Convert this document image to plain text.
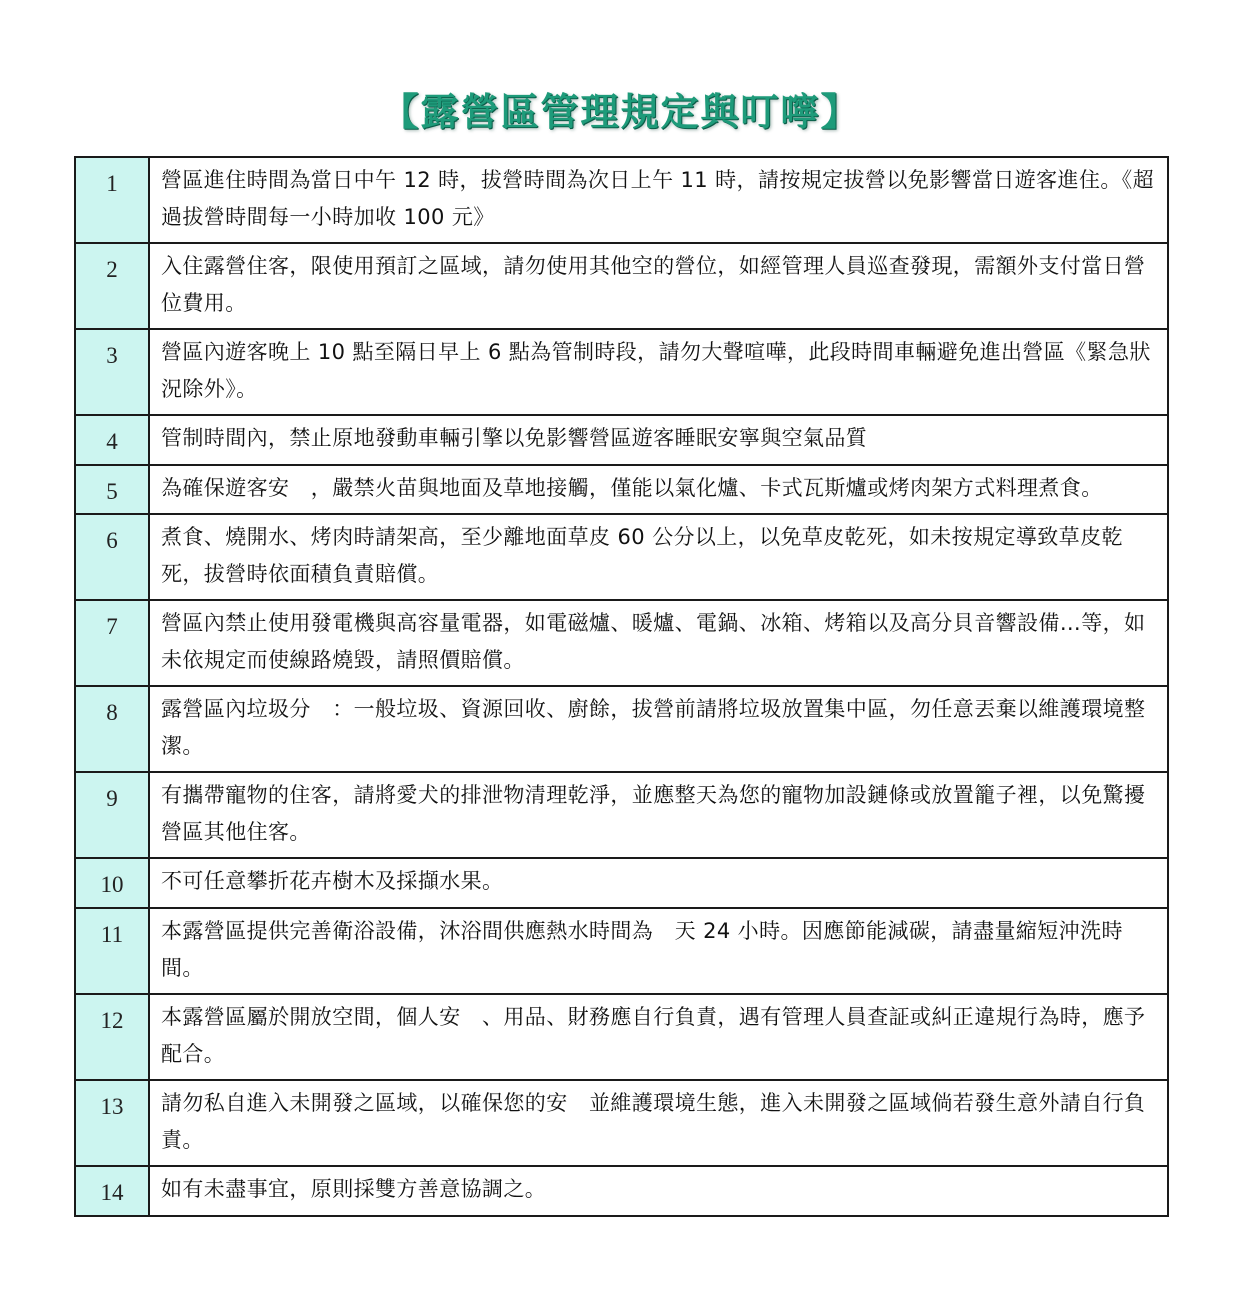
【露營區管理規定與叮嚀】
1	營區進住時間為當日中午 12 時，拔營時間為次日上午 11 時，請按規定拔營以免影響當日遊客進住。《超過拔營時間每一小時加收 100 元》
2	入住露營住客，限使用預訂之區域，請勿使用其他空的營位，如經管理人員巡查發現，需額外支付當日營位費用。
3	營區內遊客晚上 10 點至隔日早上 6 點為管制時段，請勿大聲喧嘩，此段時間車輛避免進出營區《緊急狀況除外》。
4	管制時間內，禁止原地發動車輛引擎以免影響營區遊客睡眠安寧與空氣品質
5	為確保遊客安　，嚴禁火苗與地面及草地接觸，僅能以氣化爐、卡式瓦斯爐或烤肉架方式料理煮食。
6	煮食、燒開水、烤肉時請架高，至少離地面草皮 60 公分以上，以免草皮乾死，如未按規定導致草皮乾死，拔營時依面積負責賠償。
7	營區內禁止使用發電機與高容量電器，如電磁爐、暖爐、電鍋、冰箱、烤箱以及高分貝音響設備…等，如未依規定而使線路燒毀，請照價賠償。
8	露營區內垃圾分　：一般垃圾、資源回收、廚餘，拔營前請將垃圾放置集中區，勿任意丟棄以維護環境整潔。
9	有攜帶寵物的住客，請將愛犬的排泄物清理乾淨，並應整天為您的寵物加設鏈條或放置籠子裡，以免驚擾營區其他住客。
10	不可任意攀折花卉樹木及採擷水果。
11	本露營區提供完善衛浴設備，沐浴間供應熱水時間為　天 24 小時。因應節能減碳，請盡量縮短沖洗時間。
12	本露營區屬於開放空間，個人安　、用品、財務應自行負責，遇有管理人員查証或糾正違規行為時，應予配合。
13	請勿私自進入未開發之區域，以確保您的安　並維護環境生態，進入未開發之區域倘若發生意外請自行負責。
14	如有未盡事宜，原則採雙方善意協調之。
